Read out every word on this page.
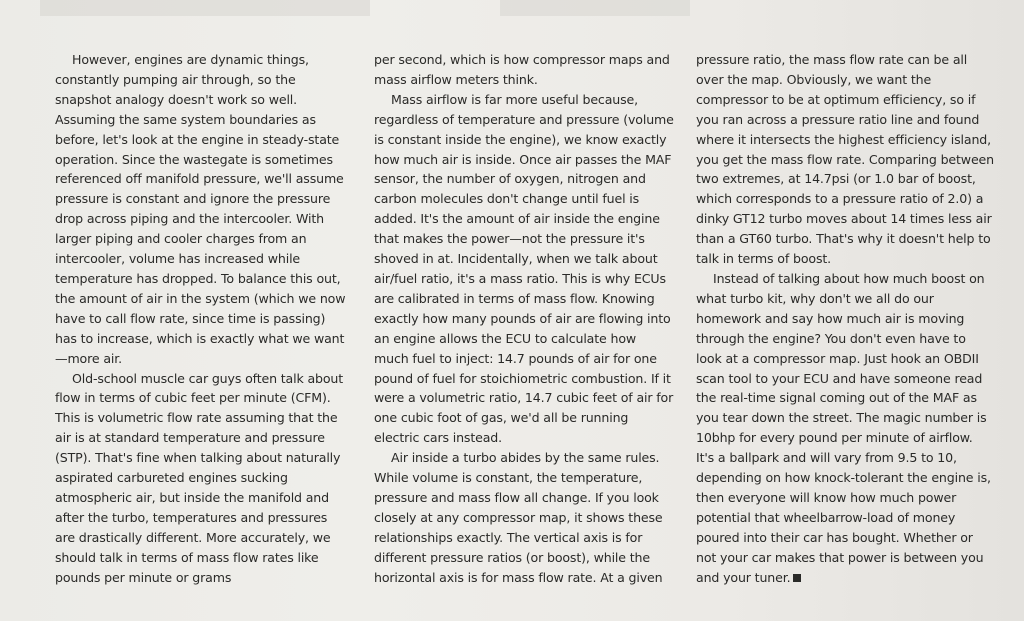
However, engines are dynamic things, constantly pumping air through, so the snapshot analogy doesn't work so well. Assuming the same system boundaries as before, let's look at the engine in steady-state operation. Since the wastegate is sometimes referenced off manifold pressure, we'll assume pressure is constant and ignore the pressure drop across piping and the intercooler. With larger piping and cooler charges from an intercooler, volume has increased while temperature has dropped. To balance this out, the amount of air in the system (which we now have to call flow rate, since time is passing) has to increase, which is exactly what we want—more air.

Old-school muscle car guys often talk about flow in terms of cubic feet per minute (CFM). This is volumetric flow rate assuming that the air is at standard temperature and pressure (STP). That's fine when talking about naturally aspirated carbureted engines sucking atmospheric air, but inside the manifold and after the turbo, temperatures and pressures are drastically different. More accurately, we should talk in terms of mass flow rates like pounds per minute or grams

per second, which is how compressor maps and mass airflow meters think.

Mass airflow is far more useful because, regardless of temperature and pressure (volume is constant inside the engine), we know exactly how much air is inside. Once air passes the MAF sensor, the number of oxygen, nitrogen and carbon molecules don't change until fuel is added. It's the amount of air inside the engine that makes the power—not the pressure it's shoved in at. Incidentally, when we talk about air/fuel ratio, it's a mass ratio. This is why ECUs are calibrated in terms of mass flow. Knowing exactly how many pounds of air are flowing into an engine allows the ECU to calculate how much fuel to inject: 14.7 pounds of air for one pound of fuel for stoichiometric combustion. If it were a volumetric ratio, 14.7 cubic feet of air for one cubic foot of gas, we'd all be running electric cars instead.

Air inside a turbo abides by the same rules. While volume is constant, the temperature, pressure and mass flow all change. If you look closely at any compressor map, it shows these relationships exactly. The vertical axis is for different pressure ratios (or boost), while the horizontal axis is for mass flow rate. At a given

pressure ratio, the mass flow rate can be all over the map. Obviously, we want the compressor to be at optimum efficiency, so if you ran across a pressure ratio line and found where it intersects the highest efficiency island, you get the mass flow rate. Comparing between two extremes, at 14.7psi (or 1.0 bar of boost, which corresponds to a pressure ratio of 2.0) a dinky GT12 turbo moves about 14 times less air than a GT60 turbo. That's why it doesn't help to talk in terms of boost.

Instead of talking about how much boost on what turbo kit, why don't we all do our homework and say how much air is moving through the engine? You don't even have to look at a compressor map. Just hook an OBDII scan tool to your ECU and have someone read the real-time signal coming out of the MAF as you tear down the street. The magic number is 10bhp for every pound per minute of airflow. It's a ballpark and will vary from 9.5 to 10, depending on how knock-tolerant the engine is, then everyone will know how much power potential that wheelbarrow-load of money poured into their car has bought. Whether or not your car makes that power is between you and your tuner.
